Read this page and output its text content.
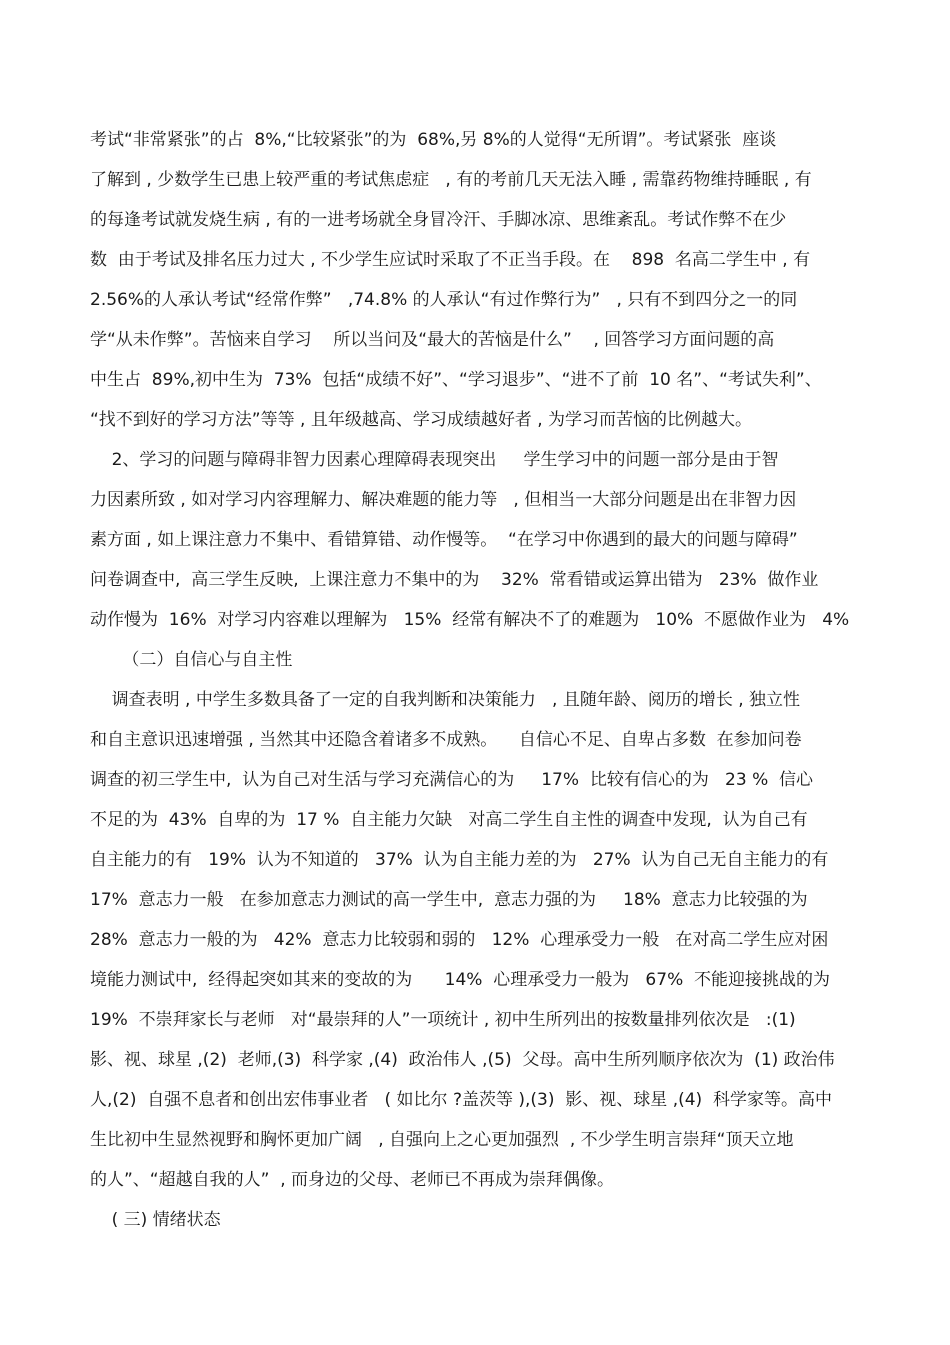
考试“非常紧张”的占  8%,“比较紧张”的为  68%,另 8%的人觉得“无所谓”。考试紧张  座谈
了解到 , 少数学生已患上较严重的考试焦虑症   , 有的考前几天无法入睡 , 需靠药物维持睡眠 , 有
的每逢考试就发烧生病 , 有的一进考场就全身冒冷汗、手脚冰凉、思维紊乱。考试作弊不在少
数  由于考试及排名压力过大 , 不少学生应试时采取了不正当手段。在    898  名高二学生中 , 有
2.56%的人承认考试“经常作弊”   ,74.8% 的人承认“有过作弊行为”   , 只有不到四分之一的同
学“从未作弊”。苦恼来自学习    所以当问及“最大的苦恼是什么”    , 回答学习方面问题的高
中生占  89%,初中生为  73%  包括“成绩不好”、“学习退步”、“进不了前  10 名”、“考试失利”、
“找不到好的学习方法”等等 , 且年级越高、学习成绩越好者 , 为学习而苦恼的比例越大。
2、学习的问题与障碍非智力因素心理障碍表现突出     学生学习中的问题一部分是由于智
力因素所致 , 如对学习内容理解力、解决难题的能力等   , 但相当一大部分问题是出在非智力因
素方面 , 如上课注意力不集中、看错算错、动作慢等。  “在学习中你遇到的最大的问题与障碍”
问卷调查中,  高三学生反映,  上课注意力不集中的为    32%  常看错或运算出错为   23%  做作业
动作慢为  16%  对学习内容难以理解为   15%  经常有解决不了的难题为   10%  不愿做作业为   4%
（二）自信心与自主性
调查表明 , 中学生多数具备了一定的自我判断和决策能力   , 且随年龄、阅历的增长 , 独立性
和自主意识迅速增强 , 当然其中还隐含着诸多不成熟。    自信心不足、自卑占多数  在参加问卷
调查的初三学生中,  认为自己对生活与学习充满信心的为     17%  比较有信心的为   23 %  信心
不足的为  43%  自卑的为  17 %  自主能力欠缺   对高二学生自主性的调查中发现,  认为自己有
自主能力的有   19%  认为不知道的   37%  认为自主能力差的为   27%  认为自己无自主能力的有
17%  意志力一般   在参加意志力测试的高一学生中,  意志力强的为     18%  意志力比较强的为
28%  意志力一般的为   42%  意志力比较弱和弱的   12%  心理承受力一般   在对高二学生应对困
境能力测试中,  经得起突如其来的变故的为      14%  心理承受力一般为   67%  不能迎接挑战的为
19%  不崇拜家长与老师   对“最崇拜的人”一项统计 , 初中生所列出的按数量排列依次是   :(1)
影、视、球星 ,(2)  老师,(3)  科学家 ,(4)  政治伟人 ,(5)  父母。高中生所列顺序依次为  (1) 政治伟
人,(2)  自强不息者和创出宏伟事业者   ( 如比尔 ?盖茨等 ),(3)  影、视、球星 ,(4)  科学家等。高中
生比初中生显然视野和胸怀更加广阔   , 自强向上之心更加强烈  , 不少学生明言崇拜“顶天立地
的人”、“超越自我的人”  , 而身边的父母、老师已不再成为崇拜偶像。
( 三) 情绪状态
